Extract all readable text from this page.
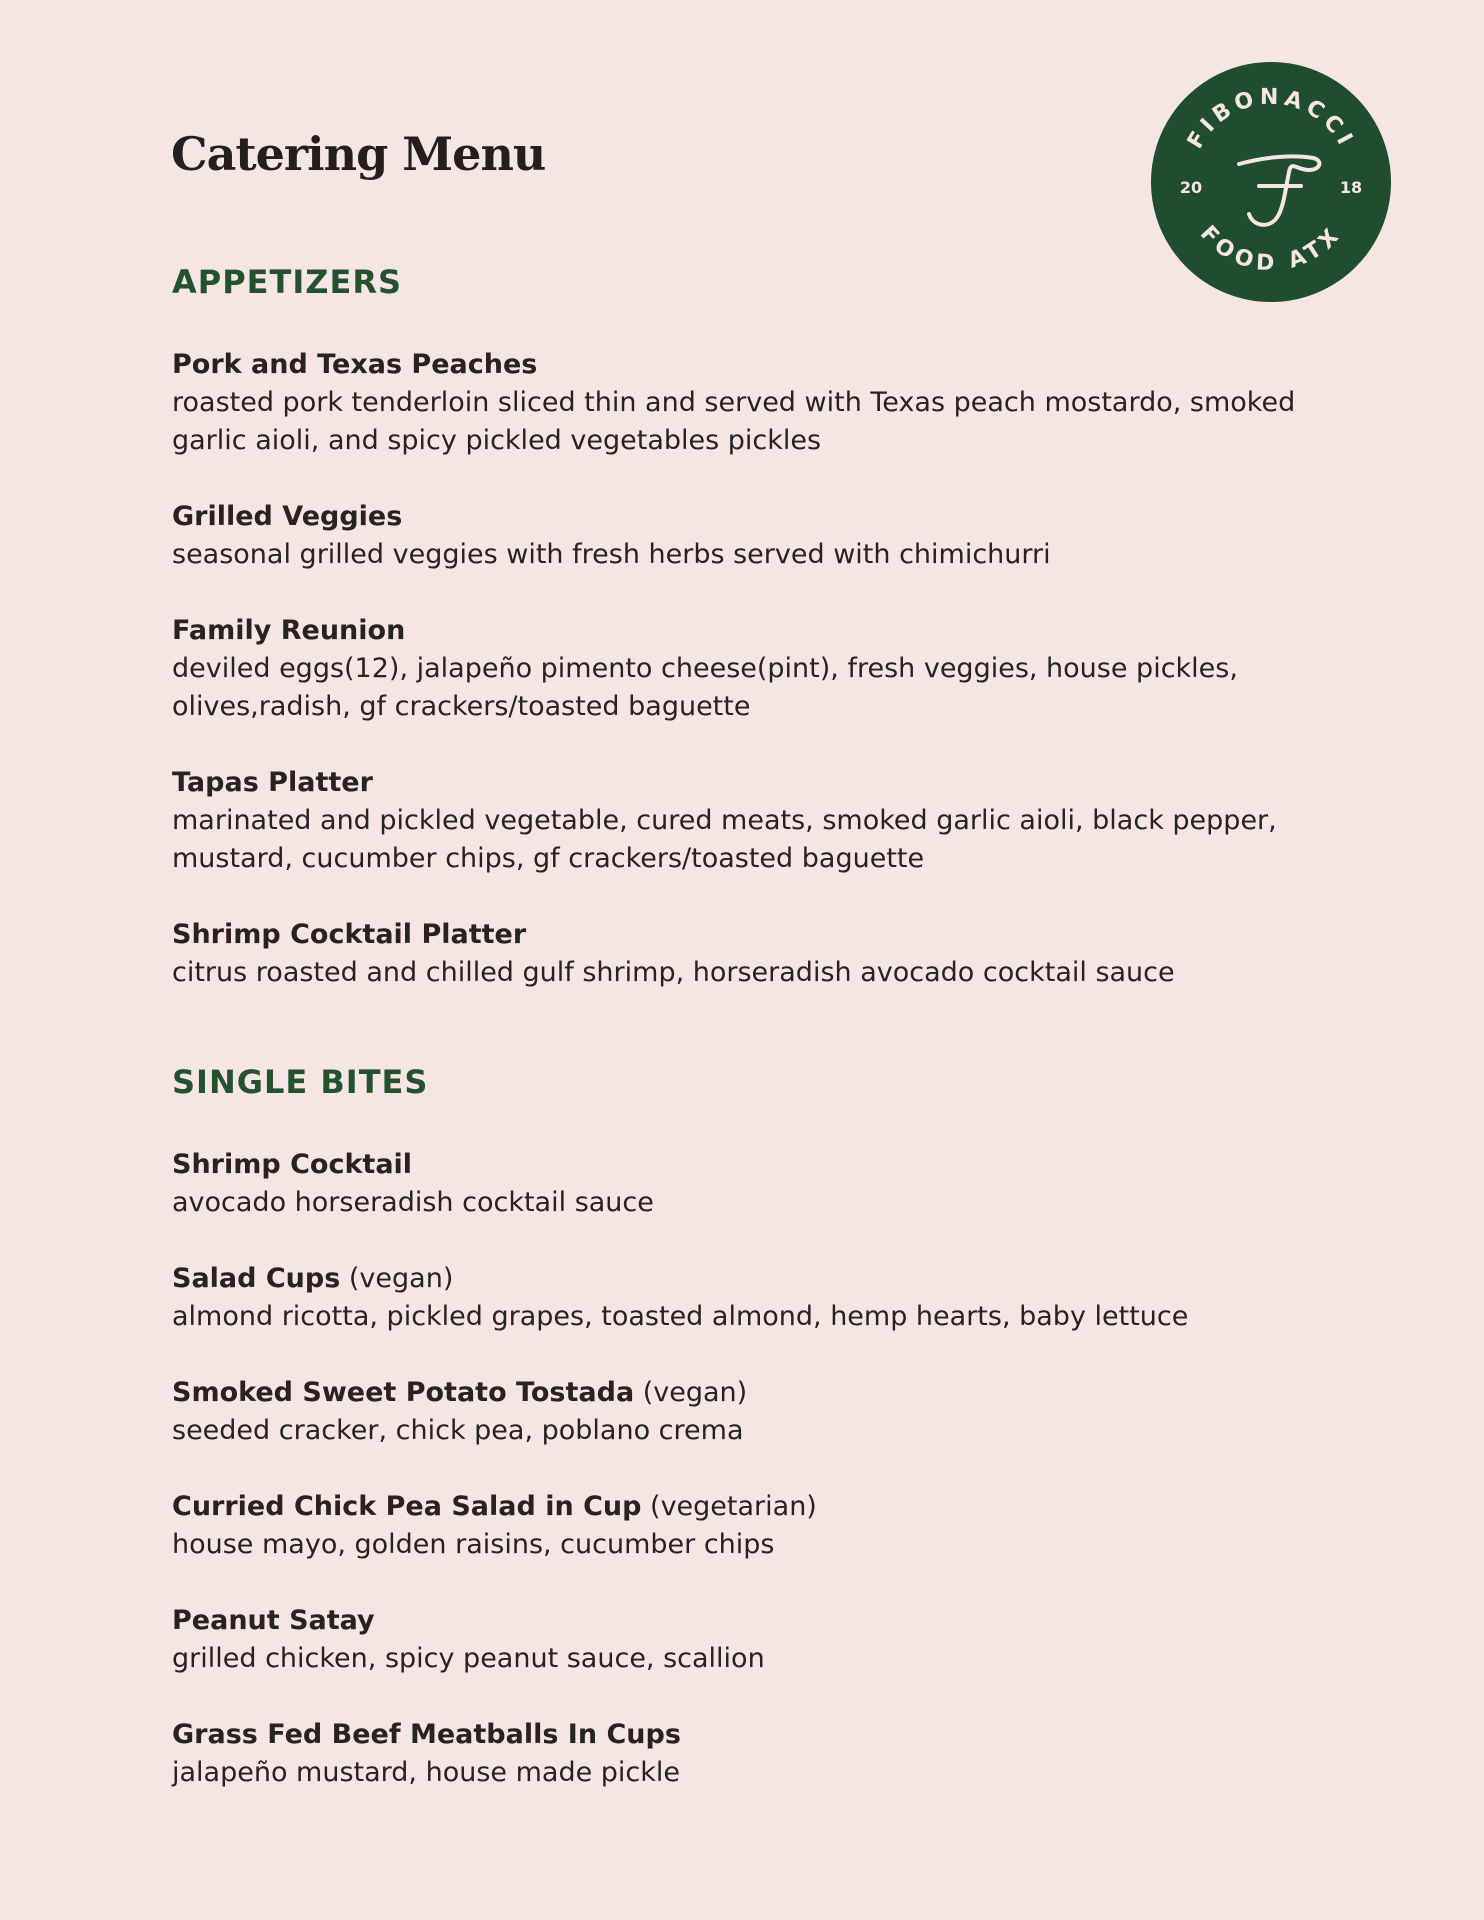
Catering Menu	FIBONACCI
FOOD ATX
20	18
APPETIZERS
Pork and Texas Peaches
roasted pork tenderloin sliced thin and served with Texas peach mostardo, smoked garlic aioli, and spicy pickled vegetables pickles
Grilled Veggies
seasonal grilled veggies with fresh herbs served with chimichurri
Family Reunion
deviled eggs(12), jalapeño pimento cheese(pint), fresh veggies, house pickles, olives,radish, gf crackers/toasted baguette
Tapas Platter
marinated and pickled vegetable, cured meats, smoked garlic aioli, black pepper, mustard, cucumber chips, gf crackers/toasted baguette
Shrimp Cocktail Platter
citrus roasted and chilled gulf shrimp, horseradish avocado cocktail sauce
SINGLE BITES
Shrimp Cocktail
avocado horseradish cocktail sauce
Salad Cups (vegan)
almond ricotta, pickled grapes, toasted almond, hemp hearts, baby lettuce
Smoked Sweet Potato Tostada (vegan)
seeded cracker, chick pea, poblano crema
Curried Chick Pea Salad in Cup (vegetarian)
house mayo, golden raisins, cucumber chips
Peanut Satay
grilled chicken, spicy peanut sauce, scallion
Grass Fed Beef Meatballs In Cups
jalapeño mustard, house made pickle
